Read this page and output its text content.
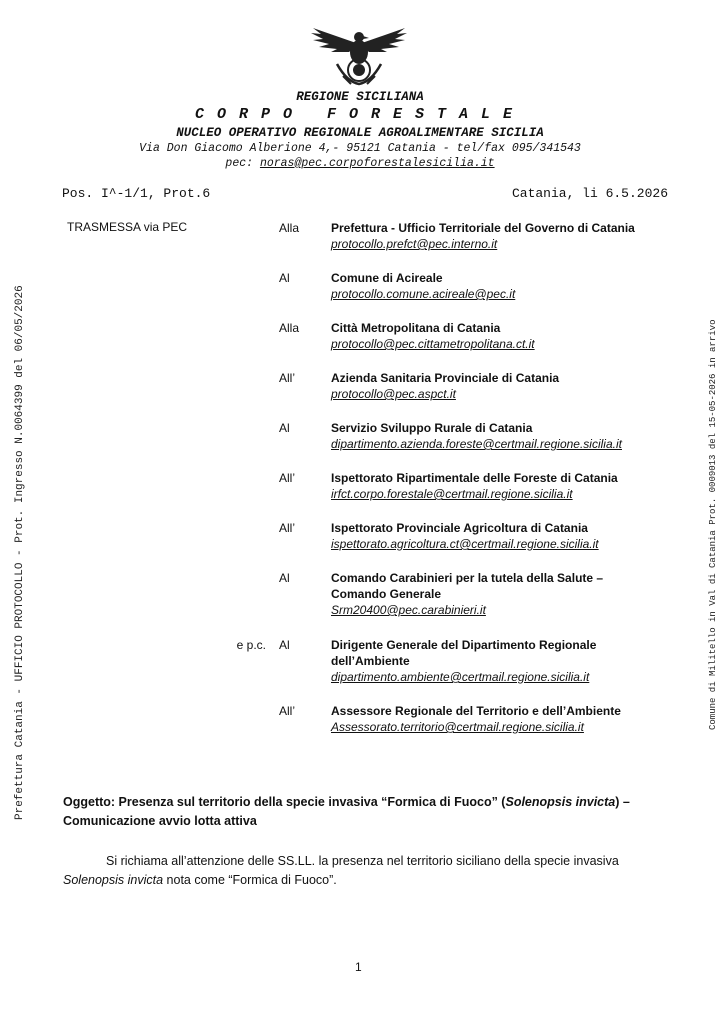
REGIONE SICILIANA
CORPO FORESTALE
NUCLEO OPERATIVO REGIONALE AGROALIMENTARE SICILIA
Via Don Giacomo Alberione 4,- 95121 Catania - tel/fax 095/341543
pec: noras@pec.corpoforestalesicilia.it
Pos. I^-1/1, Prot.6	Catania, li 6.5.2026
TRASMESSA via PEC	Alla	Prefettura - Ufficio Territoriale del Governo di Catania
protocollo.prefct@pec.interno.it
Al	Comune di Acireale
protocollo.comune.acireale@pec.it
Alla	Città Metropolitana di Catania
protocollo@pec.cittametropolitana.ct.it
All’	Azienda Sanitaria Provinciale di Catania
protocollo@pec.aspct.it
Al	Servizio Sviluppo Rurale di Catania
dipartimento.azienda.foreste@certmail.regione.sicilia.it
All’	Ispettorato Ripartimentale delle Foreste di Catania
irfct.corpo.forestale@certmail.regione.sicilia.it
All’	Ispettorato Provinciale Agricoltura di Catania
ispettorato.agricoltura.ct@certmail.regione.sicilia.it
Al	Comando Carabinieri per la tutela della Salute – Comando Generale
Srm20400@pec.carabinieri.it
e p.c. Al	Dirigente Generale del Dipartimento Regionale dell’Ambiente
dipartimento.ambiente@certmail.regione.sicilia.it
All’	Assessore Regionale del Territorio e dell’Ambiente
Assessorato.territorio@certmail.regione.sicilia.it
Oggetto: Presenza sul territorio della specie invasiva “Formica di Fuoco” (Solenopsis invicta) – Comunicazione avvio lotta attiva
Si richiama all’attenzione delle SS.LL. la presenza nel territorio siciliano della specie invasiva Solenopsis invicta nota come “Formica di Fuoco”.
1
Prefettura Catania - UFFICIO PROTOCOLLO - Prot. Ingresso N.0064399 del 06/05/2026	Comune di Militello in Val di Catania Prot. 0009013 del 15-05-2026 in arrivo
